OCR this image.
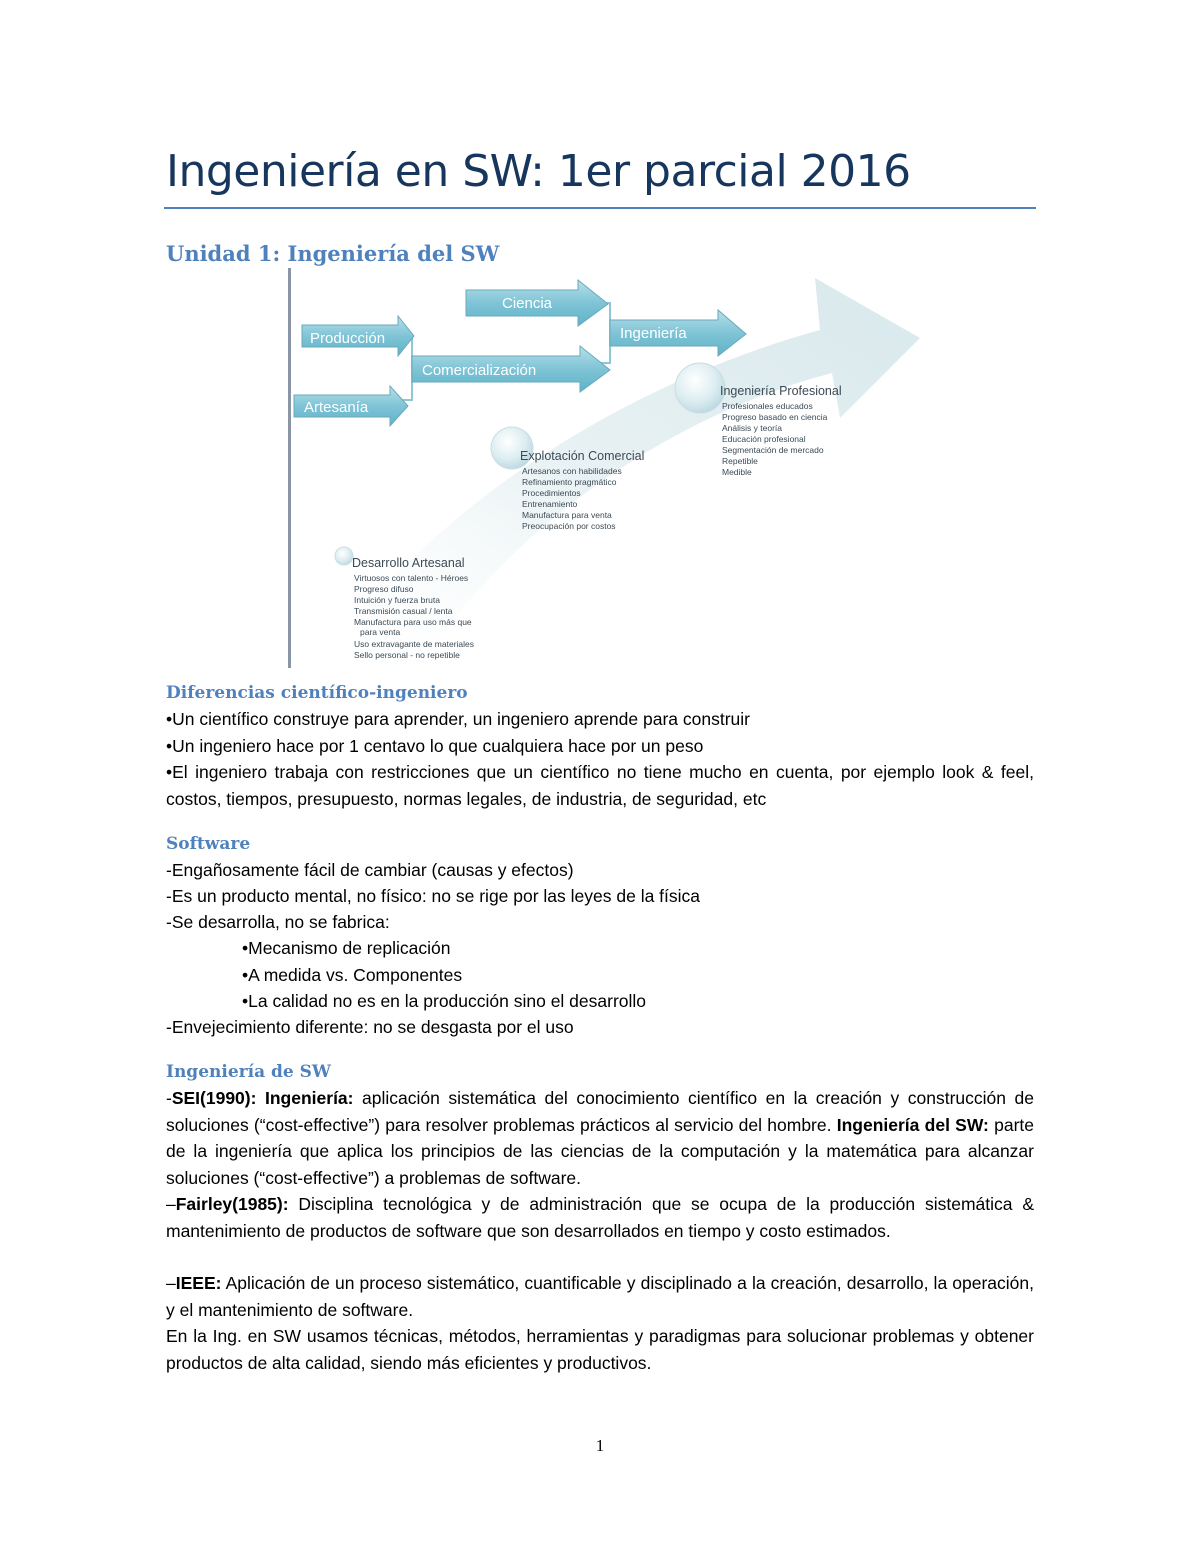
Ingeniería en SW: 1er parcial 2016
Unidad 1: Ingeniería del SW
Producción
Artesanía
Comercialización
Ciencia
Ingeniería
Desarrollo Artesanal
Virtuosos con talento - Héroes
Progreso difuso
Intuición y fuerza bruta
Transmisión casual / lenta
Manufactura para uso más que
para venta
Uso extravagante de materiales
Sello personal - no repetible
Explotación Comercial
Artesanos con habilidades
Refinamiento pragmático
Procedimientos
Entrenamiento
Manufactura para venta
Preocupación por costos
Ingeniería Profesional
Profesionales educados
Progreso basado en ciencia
Análisis y teoría
Educación profesional
Segmentación de mercado
Repetible
Medible
Diferencias científico-ingeniero

•Un científico construye para aprender, un ingeniero aprende para construir

•Un ingeniero hace por 1 centavo lo que cualquiera hace por un peso

•El ingeniero trabaja con restricciones que un científico no tiene mucho en cuenta, por ejemplo look & feel, costos, tiempos, presupuesto, normas legales, de industria, de seguridad, etc

Software

-Engañosamente fácil de cambiar (causas y efectos)

-Es un producto mental, no físico: no se rige por las leyes de la física

-Se desarrolla, no se fabrica:

•Mecanismo de replicación

•A medida vs. Componentes

•La calidad no es en la producción sino el desarrollo

-Envejecimiento diferente: no se desgasta por el uso

Ingeniería de SW

-SEI(1990): Ingeniería: aplicación sistemática del conocimiento científico en la creación y construcción de soluciones (“cost-effective”) para resolver problemas prácticos al servicio del hombre. Ingeniería del SW: parte de la ingeniería que aplica los principios de las ciencias de la computación y la matemática para alcanzar soluciones (“cost-effective”) a problemas de software.

–Fairley(1985): Disciplina tecnológica y de administración que se ocupa de la producción sistemática & mantenimiento de productos de software que son desarrollados en tiempo y costo estimados.

–IEEE: Aplicación de un proceso sistemático, cuantificable y disciplinado a la creación, desarrollo, la operación, y el mantenimiento de software.

En la Ing. en SW usamos técnicas, métodos, herramientas y paradigmas para solucionar problemas y obtener productos de alta calidad, siendo más eficientes y productivos.

1
